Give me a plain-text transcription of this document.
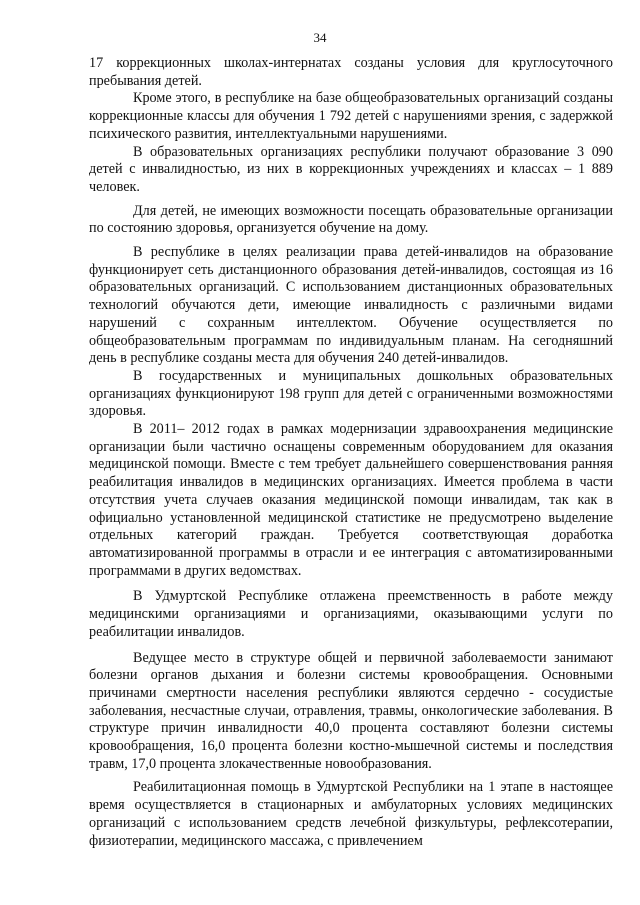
34

17 коррекционных школах-интернатах созданы условия для круглосуточного пребывания детей.

Кроме этого, в республике на базе общеобразовательных организаций созданы коррекционные классы для обучения 1 792 детей с нарушениями зрения, с задержкой психического развития, интеллектуальными нарушениями.

В образовательных организациях республики получают образование 3 090 детей с инвалидностью, из них в коррекционных учреждениях и классах – 1 889 человек.

Для детей, не имеющих возможности посещать образовательные организации по состоянию здоровья, организуется обучение на дому.

В республике в целях реализации права детей-инвалидов на образование функционирует сеть дистанционного образования детей-инвалидов, состоящая из 16 образовательных организаций. С использованием дистанционных образовательных технологий обучаются дети, имеющие инвалидность с различными видами нарушений с сохранным интеллектом. Обучение осуществляется по общеобразовательным программам по индивидуальным планам. На сегодняшний день в республике созданы места для обучения 240 детей-инвалидов.

В государственных и муниципальных дошкольных образовательных организациях функционируют 198 групп для детей с ограниченными возможностями здоровья.

В 2011– 2012 годах в рамках модернизации здравоохранения медицинские организации были частично оснащены современным оборудованием для оказания медицинской помощи. Вместе с тем требует дальнейшего совершенствования ранняя реабилитация инвалидов в медицинских организациях. Имеется проблема в части отсутствия учета случаев оказания медицинской помощи инвалидам, так как в официально установленной медицинской статистике не предусмотрено выделение отдельных категорий граждан. Требуется соответствующая доработка автоматизированной программы в отрасли и ее интеграция с автоматизированными программами в других ведомствах.

В Удмуртской Республике отлажена преемственность в работе между медицинскими организациями и организациями, оказывающими услуги по реабилитации инвалидов.

Ведущее место в структуре общей и первичной заболеваемости занимают болезни органов дыхания и болезни системы кровообращения. Основными причинами смертности населения республики являются сердечно - сосудистые заболевания, несчастные случаи, отравления, травмы, онкологические заболевания. В структуре причин инвалидности 40,0 процента составляют болезни системы кровообращения, 16,0 процента болезни костно-мышечной системы и последствия травм, 17,0 процента злокачественные новообразования.

Реабилитационная помощь в Удмуртской Республики на 1 этапе в настоящее время осуществляется в стационарных и амбулаторных условиях медицинских организаций с использованием средств лечебной физкультуры, рефлексотерапии, физиотерапии, медицинского массажа, с привлечением
